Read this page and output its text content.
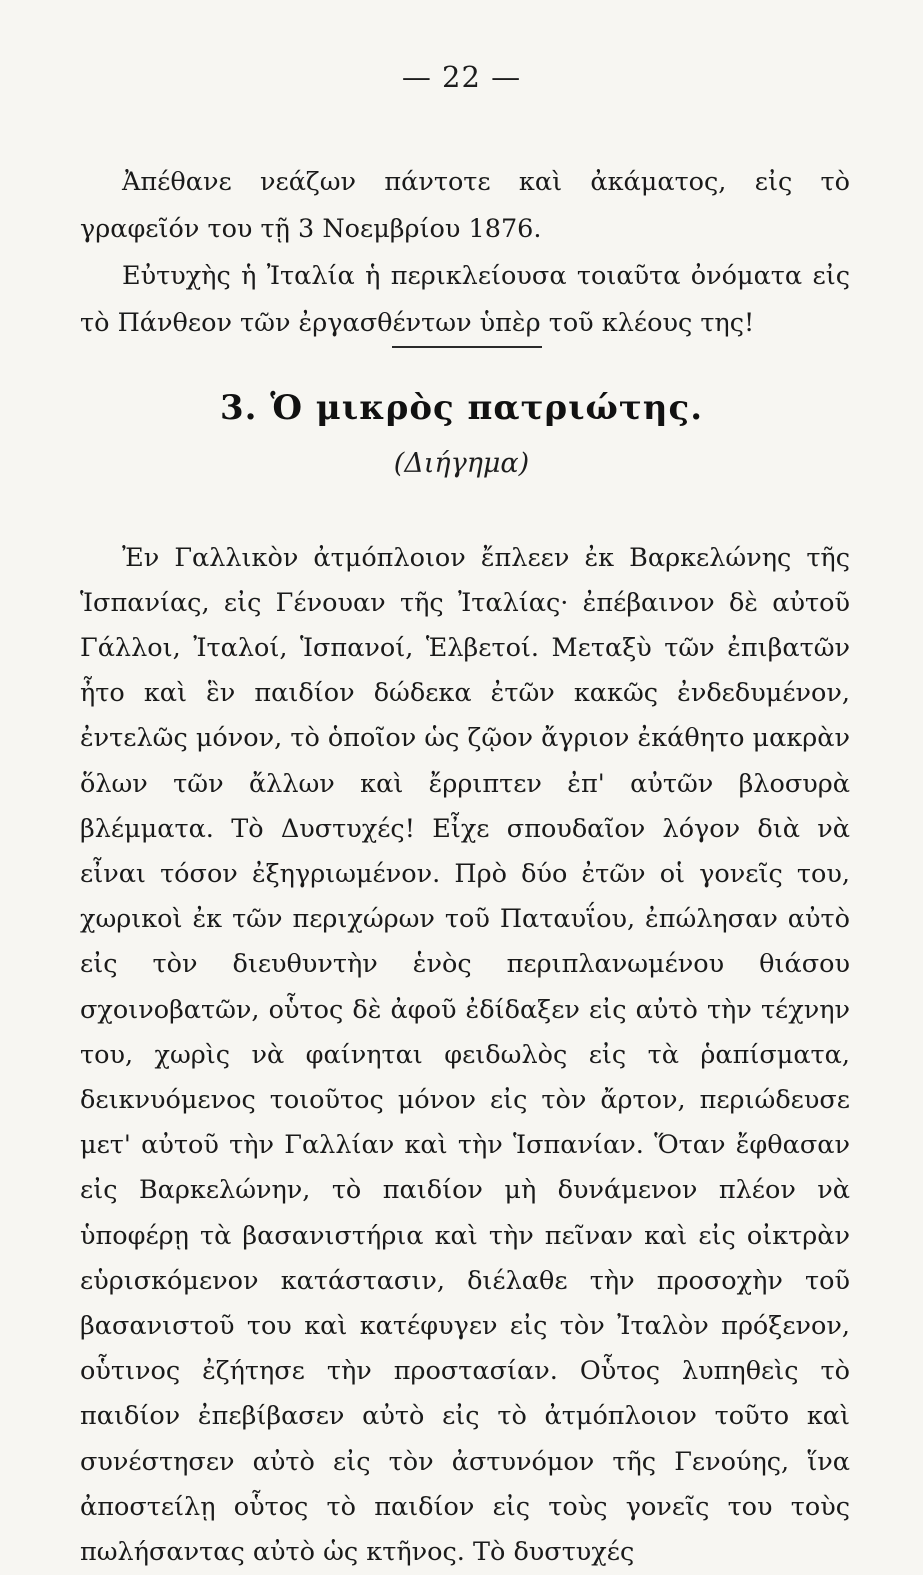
— 22 —

Ἀπέθανε νεάζων πάντοτε καὶ ἀκάματος, εἰς τὸ γραφεῖόν του τῇ 3 Νοεμβρίου 1876.

Εὐτυχὴς ἡ Ἰταλία ἡ περικλείουσα τοιαῦτα ὀνόματα εἰς τὸ Πάνθεον τῶν ἐργασθέντων ὑπὲρ τοῦ κλέους της!

3. Ὁ μικρὸς πατριώτης.
(Διήγημα)

Ἐν Γαλλικὸν ἀτμόπλοιον ἔπλεεν ἐκ Βαρκελώνης τῆς Ἱσπανίας, εἰς Γένουαν τῆς Ἰταλίας· ἐπέβαινον δὲ αὐτοῦ Γάλλοι, Ἰταλοί, Ἱσπανοί, Ἑλβετοί. Μεταξὺ τῶν ἐπιβατῶν ἦτο καὶ ἓν παιδίον δώδεκα ἐτῶν κακῶς ἐνδεδυμένον, ἐντελῶς μόνον, τὸ ὁποῖον ὡς ζῷον ἄγριον ἐκάθητο μακρὰν ὅλων τῶν ἄλλων καὶ ἔρριπτεν ἐπ' αὐτῶν βλοσυρὰ βλέμματα. Τὸ Δυστυχές! Εἶχε σπουδαῖον λόγον διὰ νὰ εἶναι τόσον ἐξηγριωμένον. Πρὸ δύο ἐτῶν οἱ γονεῖς του, χωρικοὶ ἐκ τῶν περιχώρων τοῦ Παταυΐου, ἐπώλησαν αὐτὸ εἰς τὸν διευθυντὴν ἑνὸς περιπλανωμένου θιάσου σχοινοβατῶν, οὗτος δὲ ἀφοῦ ἐδίδαξεν εἰς αὐτὸ τὴν τέχνην του, χωρὶς νὰ φαίνηται φειδωλὸς εἰς τὰ ῥαπίσματα, δεικνυόμενος τοιοῦτος μόνον εἰς τὸν ἄρτον, περιώδευσε μετ' αὐτοῦ τὴν Γαλλίαν καὶ τὴν Ἱσπανίαν. Ὅταν ἔφθασαν εἰς Βαρκελώνην, τὸ παιδίον μὴ δυνάμενον πλέον νὰ ὑποφέρῃ τὰ βασανιστήρια καὶ τὴν πεῖναν καὶ εἰς οἰκτρὰν εὑρισκόμενον κατάστασιν, διέλαθε τὴν προσοχὴν τοῦ βασανιστοῦ του καὶ κατέφυγεν εἰς τὸν Ἰταλὸν πρόξενον, οὗτινος ἐζήτησε τὴν προστασίαν. Οὗτος λυπηθεὶς τὸ παιδίον ἐπεβίβασεν αὐτὸ εἰς τὸ ἀτμόπλοιον τοῦτο καὶ συνέστησεν αὐτὸ εἰς τὸν ἀστυνόμον τῆς Γενούης, ἵνα ἀποστείλῃ οὗτος τὸ παιδίον εἰς τοὺς γονεῖς του τοὺς πωλήσαντας αὐτὸ ὡς κτῆνος. Τὸ δυστυχές
